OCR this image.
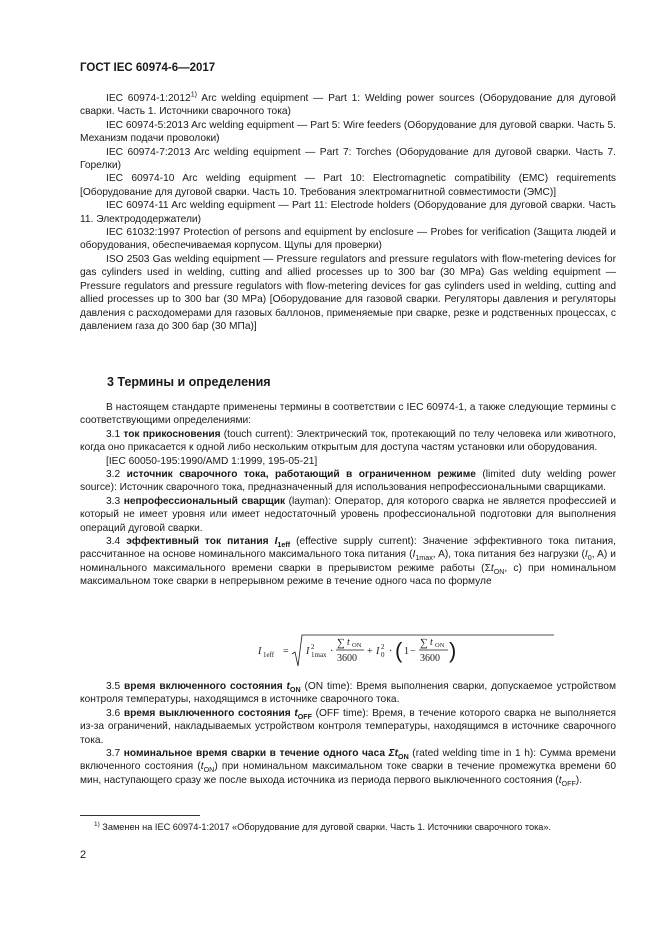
ГОСТ IEC 60974-6—2017

IEC 60974-1:2012$^{1)}$ Arc welding equipment — Part 1: Welding power sources (Оборудование для дуговой сварки. Часть 1. Источники сварочного тока)

IEC 60974-5:2013 Arc welding equipment — Part 5: Wire feeders (Оборудование для дуговой сварки. Часть 5. Механизм подачи проволоки)

IEC 60974-7:2013 Arc welding equipment — Part 7: Torches (Оборудование для дуговой сварки. Часть 7. Горелки)

IEC 60974-10 Arc welding equipment — Part 10: Electromagnetic compatibility (EMC) requirements [Оборудование для дуговой сварки. Часть 10. Требования электромагнитной совместимости (ЭМС)]

IEC 60974-11 Arc welding equipment — Part 11: Electrode holders (Оборудование для дуговой сварки. Часть 11. Электрододержатели)

IEC 61032:1997 Protection of persons and equipment by enclosure — Probes for verification (Защита людей и оборудования, обеспечиваемая корпусом. Щупы для проверки)

ISO 2503 Gas welding equipment — Pressure regulators and pressure regulators with flow-metering devices for gas cylinders used in welding, cutting and allied processes up to 300 bar (30 MPa) Gas welding equipment — Pressure regulators and pressure regulators with flow-metering devices for gas cylinders used in welding, cutting and allied processes up to 300 bar (30 MPa) [Оборудование для газовой сварки. Регуляторы давления и регуляторы давления с расходомерами для газовых баллонов, применяемые при сварке, резке и родственных процессах, с давлением газа до 300 бар (30 МПа)]

3 Термины и определения

В настоящем стандарте применены термины в соответствии с IEC 60974-1, а также следующие термины с соответствующими определениями:

3.1 ток прикосновения (touch current): Электрический ток, протекающий по телу человека или животного, когда оно прикасается к одной либо нескольким открытым для доступа частям установки или оборудования.

[IEC 60050-195:1990/AMD 1:1999, 195-05-21]

3.2 источник сварочного тока, работающий в ограниченном режиме (limited duty welding power source): Источник сварочного тока, предназначенный для использования непрофессиональными сварщиками.

3.3 непрофессиональный сварщик (layman): Оператор, для которого сварка не является профессией и который не имеет уровня или имеет недостаточный уровень профессиональной подготовки для выполнения операций дуговой сварки.

3.4 эффективный ток питания $I_{1eff}$ (effective supply current): Значение эффективного тока питания, рассчитанное на основе номинального максимального тока питания ($I_{1max}$, A), тока питания без нагрузки ($I_0$, A) и номинального максимального времени сварки в прерывистом режиме работы ($\Sigma t_{ON}$, с) при номинальном максимальном токе сварки в непрерывном режиме в течение одного часа по формуле

I 1eff = I 2
1max ·
∑ t ON
3600
+ I 2
0 · ( 1 −
∑ t ON
3600 )

3.5 время включенного состояния $t_{ON}$ (ON time): Время выполнения сварки, допускаемое устройством контроля температуры, находящимся в источнике сварочного тока.

3.6 время выключенного состояния $t_{OFF}$ (OFF time): Время, в течение которого сварка не выполняется из-за ограничений, накладываемых устройством контроля температуры, находящимся в источнике сварочного тока.

3.7 номинальное время сварки в течение одного часа $\Sigma t_{ON}$ (rated welding time in 1 h): Сумма времени включенного состояния $(t_{ON})$ при номинальном максимальном токе сварки в течение промежутка времени 60 мин, наступающего сразу же после выхода источника из периода первого выключенного состояния $(t_{OFF})$.

$^{1)}$ Заменен на IEC 60974-1:2017 «Оборудование для дуговой сварки. Часть 1. Источники сварочного тока».

2
